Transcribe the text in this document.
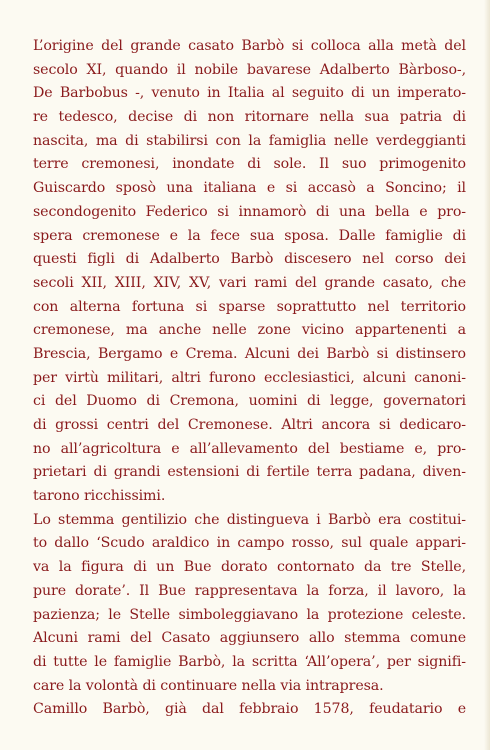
L’origine del grande casato Barbò si colloca alla metà del
secolo XI, quando il nobile bavarese Adalberto Bàrboso-,
De Barbobus -, venuto in Italia al seguito di un imperato-
re tedesco, decise di non ritornare nella sua patria di
nascita, ma di stabilirsi con la famiglia nelle verdeggianti
terre cremonesi, inondate di sole. Il suo primogenito
Guiscardo sposò una italiana e si accasò a Soncino; il
secondogenito Federico si innamorò di una bella e pro-
spera cremonese e la fece sua sposa. Dalle famiglie di
questi figli di Adalberto Barbò discesero nel corso dei
secoli XII, XIII, XIV, XV, vari rami del grande casato, che
con alterna fortuna si sparse soprattutto nel territorio
cremonese, ma anche nelle zone vicino appartenenti a
Brescia, Bergamo e Crema. Alcuni dei Barbò si distinsero
per virtù militari, altri furono ecclesiastici, alcuni canoni-
ci del Duomo di Cremona, uomini di legge, governatori
di grossi centri del Cremonese. Altri ancora si dedicaro-
no all’agricoltura e all’allevamento del bestiame e, pro-
prietari di grandi estensioni di fertile terra padana, diven-
tarono ricchissimi.
Lo stemma gentilizio che distingueva i Barbò era costitui-
to dallo ‘Scudo araldico in campo rosso, sul quale appari-
va la figura di un Bue dorato contornato da tre Stelle,
pure dorate’. Il Bue rappresentava la forza, il lavoro, la
pazienza; le Stelle simboleggiavano la protezione celeste.
Alcuni rami del Casato aggiunsero allo stemma comune
di tutte le famiglie Barbò, la scritta ‘All’opera’, per signifi-
care la volontà di continuare nella via intrapresa.
Camillo Barbò, già dal febbraio 1578, feudatario e
